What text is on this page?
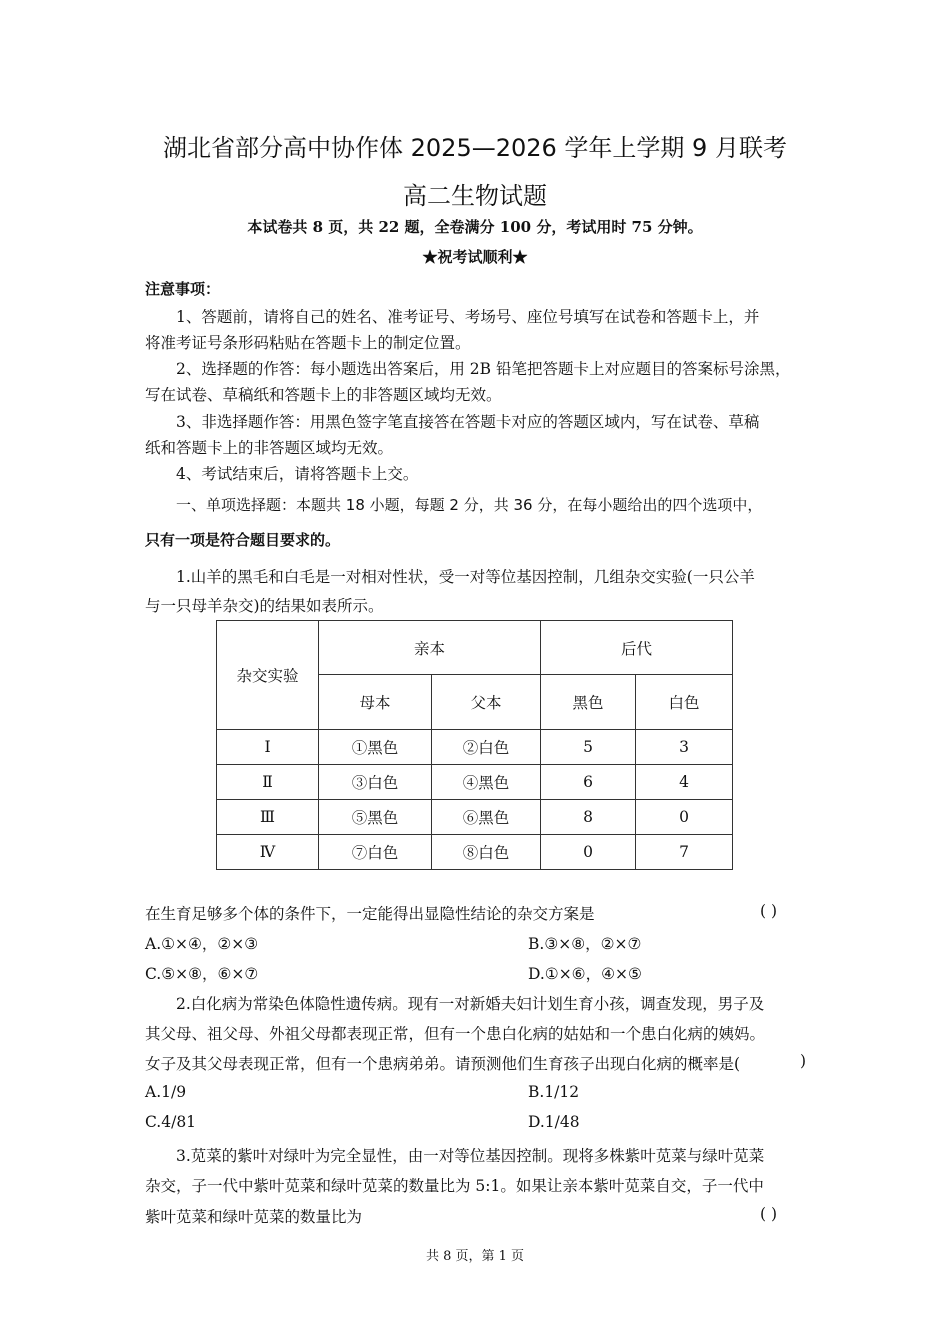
湖北省部分高中协作体 2025—2026 学年上学期 9 月联考
高二生物试题
本试卷共 8 页，共 22 题，全卷满分 100 分，考试用时 75 分钟。
★祝考试顺利★
注意事项：
1、答题前，请将自己的姓名、准考证号、考场号、座位号填写在试卷和答题卡上，并
将准考证号条形码粘贴在答题卡上的制定位置。
2、选择题的作答：每小题选出答案后，用 2B 铅笔把答题卡上对应题目的答案标号涂黑，
写在试卷、草稿纸和答题卡上的非答题区域均无效。
3、非选择题作答：用黑色签字笔直接答在答题卡对应的答题区域内，写在试卷、草稿
纸和答题卡上的非答题区域均无效。
4、考试结束后，请将答题卡上交。
一、单项选择题：本题共 18 小题，每题 2 分，共 36 分，在每小题给出的四个选项中，
只有一项是符合题目要求的。
1.山羊的黑毛和白毛是一对相对性状，受一对等位基因控制，几组杂交实验(一只公羊
与一只母羊杂交)的结果如表所示。
杂交实验	亲本		后代	
	母本	父本	黑色	白色
Ⅰ	①黑色	②白色	5	3
Ⅱ	③白色	④黑色	6	4
Ⅲ	⑤黑色	⑥黑色	8	0
Ⅳ	⑦白色	⑧白色	0	7
在生育足够多个体的条件下，一定能得出显隐性结论的杂交方案是	( )
A.①×④，②×③	B.③×⑧，②×⑦
C.⑤×⑧，⑥×⑦	D.①×⑥，④×⑤
2.白化病为常染色体隐性遗传病。现有一对新婚夫妇计划生育小孩，调查发现，男子及
其父母、祖父母、外祖父母都表现正常，但有一个患白化病的姑姑和一个患白化病的姨妈。
女子及其父母表现正常，但有一个患病弟弟。请预测他们生育孩子出现白化病的概率是(	)
A.1/9	B.1/12
C.4/81	D.1/48
3.苋菜的紫叶对绿叶为完全显性，由一对等位基因控制。现将多株紫叶苋菜与绿叶苋菜
杂交，子一代中紫叶苋菜和绿叶苋菜的数量比为 5:1。如果让亲本紫叶苋菜自交，子一代中
紫叶苋菜和绿叶苋菜的数量比为	( )
共 8 页，第 1 页
